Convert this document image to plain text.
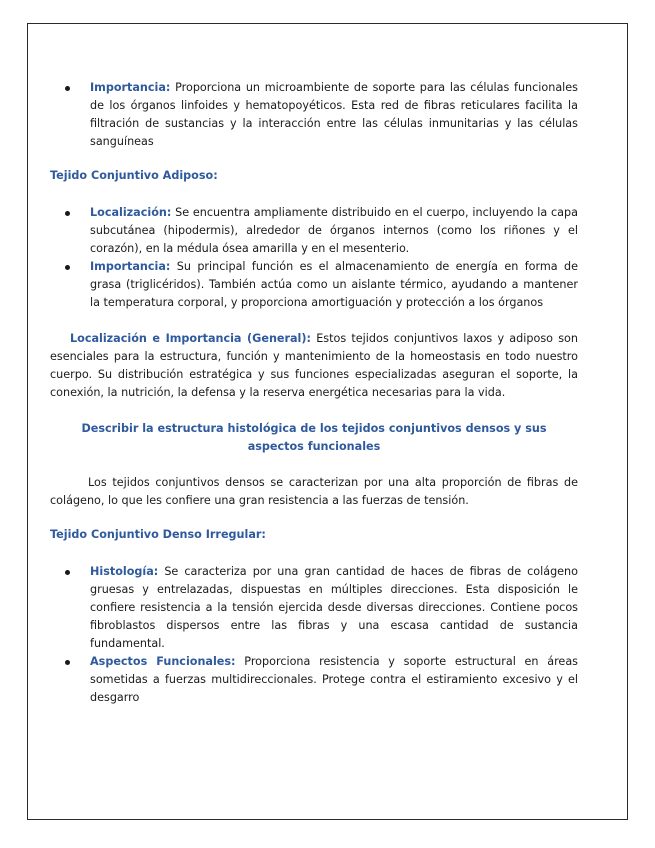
Importancia: Proporciona un microambiente de soporte para las células funcionales de los órganos linfoides y hematopoyéticos. Esta red de fibras reticulares facilita la filtración de sustancias y la interacción entre las células inmunitarias y las células sanguíneas
Tejido Conjuntivo Adiposo:
Localización: Se encuentra ampliamente distribuido en el cuerpo, incluyendo la capa subcutánea (hipodermis), alrededor de órganos internos (como los riñones y el corazón), en la médula ósea amarilla y en el mesenterio.
Importancia: Su principal función es el almacenamiento de energía en forma de grasa (triglicéridos). También actúa como un aislante térmico, ayudando a mantener la temperatura corporal, y proporciona amortiguación y protección a los órganos

Localización e Importancia (General): Estos tejidos conjuntivos laxos y adiposo son esenciales para la estructura, función y mantenimiento de la homeostasis en todo nuestro cuerpo. Su distribución estratégica y sus funciones especializadas aseguran el soporte, la conexión, la nutrición, la defensa y la reserva energética necesarias para la vida.

Describir la estructura histológica de los tejidos conjuntivos densos y sus
aspectos funcionales

Los tejidos conjuntivos densos se caracterizan por una alta proporción de fibras de colágeno, lo que les confiere una gran resistencia a las fuerzas de tensión.

Tejido Conjuntivo Denso Irregular:
Histología: Se caracteriza por una gran cantidad de haces de fibras de colágeno gruesas y entrelazadas, dispuestas en múltiples direcciones. Esta disposición le confiere resistencia a la tensión ejercida desde diversas direcciones. Contiene pocos fibroblastos dispersos entre las fibras y una escasa cantidad de sustancia fundamental.
Aspectos Funcionales: Proporciona resistencia y soporte estructural en áreas sometidas a fuerzas multidireccionales. Protege contra el estiramiento excesivo y el desgarro
